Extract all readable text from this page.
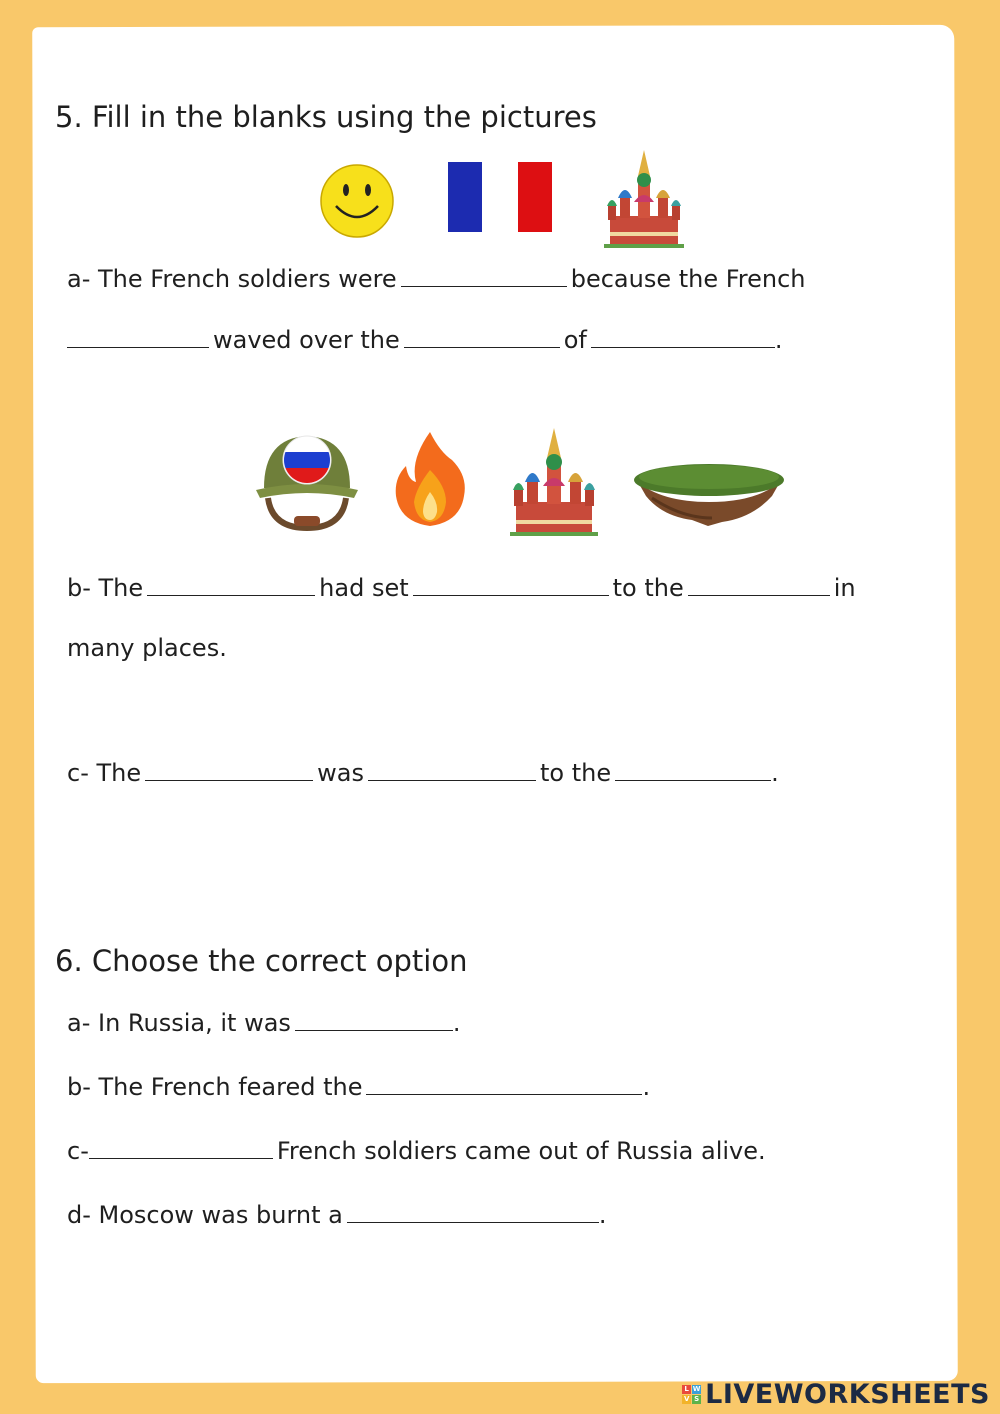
5. Fill in the blanks using the pictures
a- The French soldiers were	because the French
waved over the	of	.
b- The	had set	to the	in
many places.
c- The	was	to the	.
6. Choose the correct option
a- In Russia, it was	.
b- The French feared the	.
c-	French soldiers came out of Russia alive.
d- Moscow was burnt a	.
L W
V S LIVEWORKSHEETS
